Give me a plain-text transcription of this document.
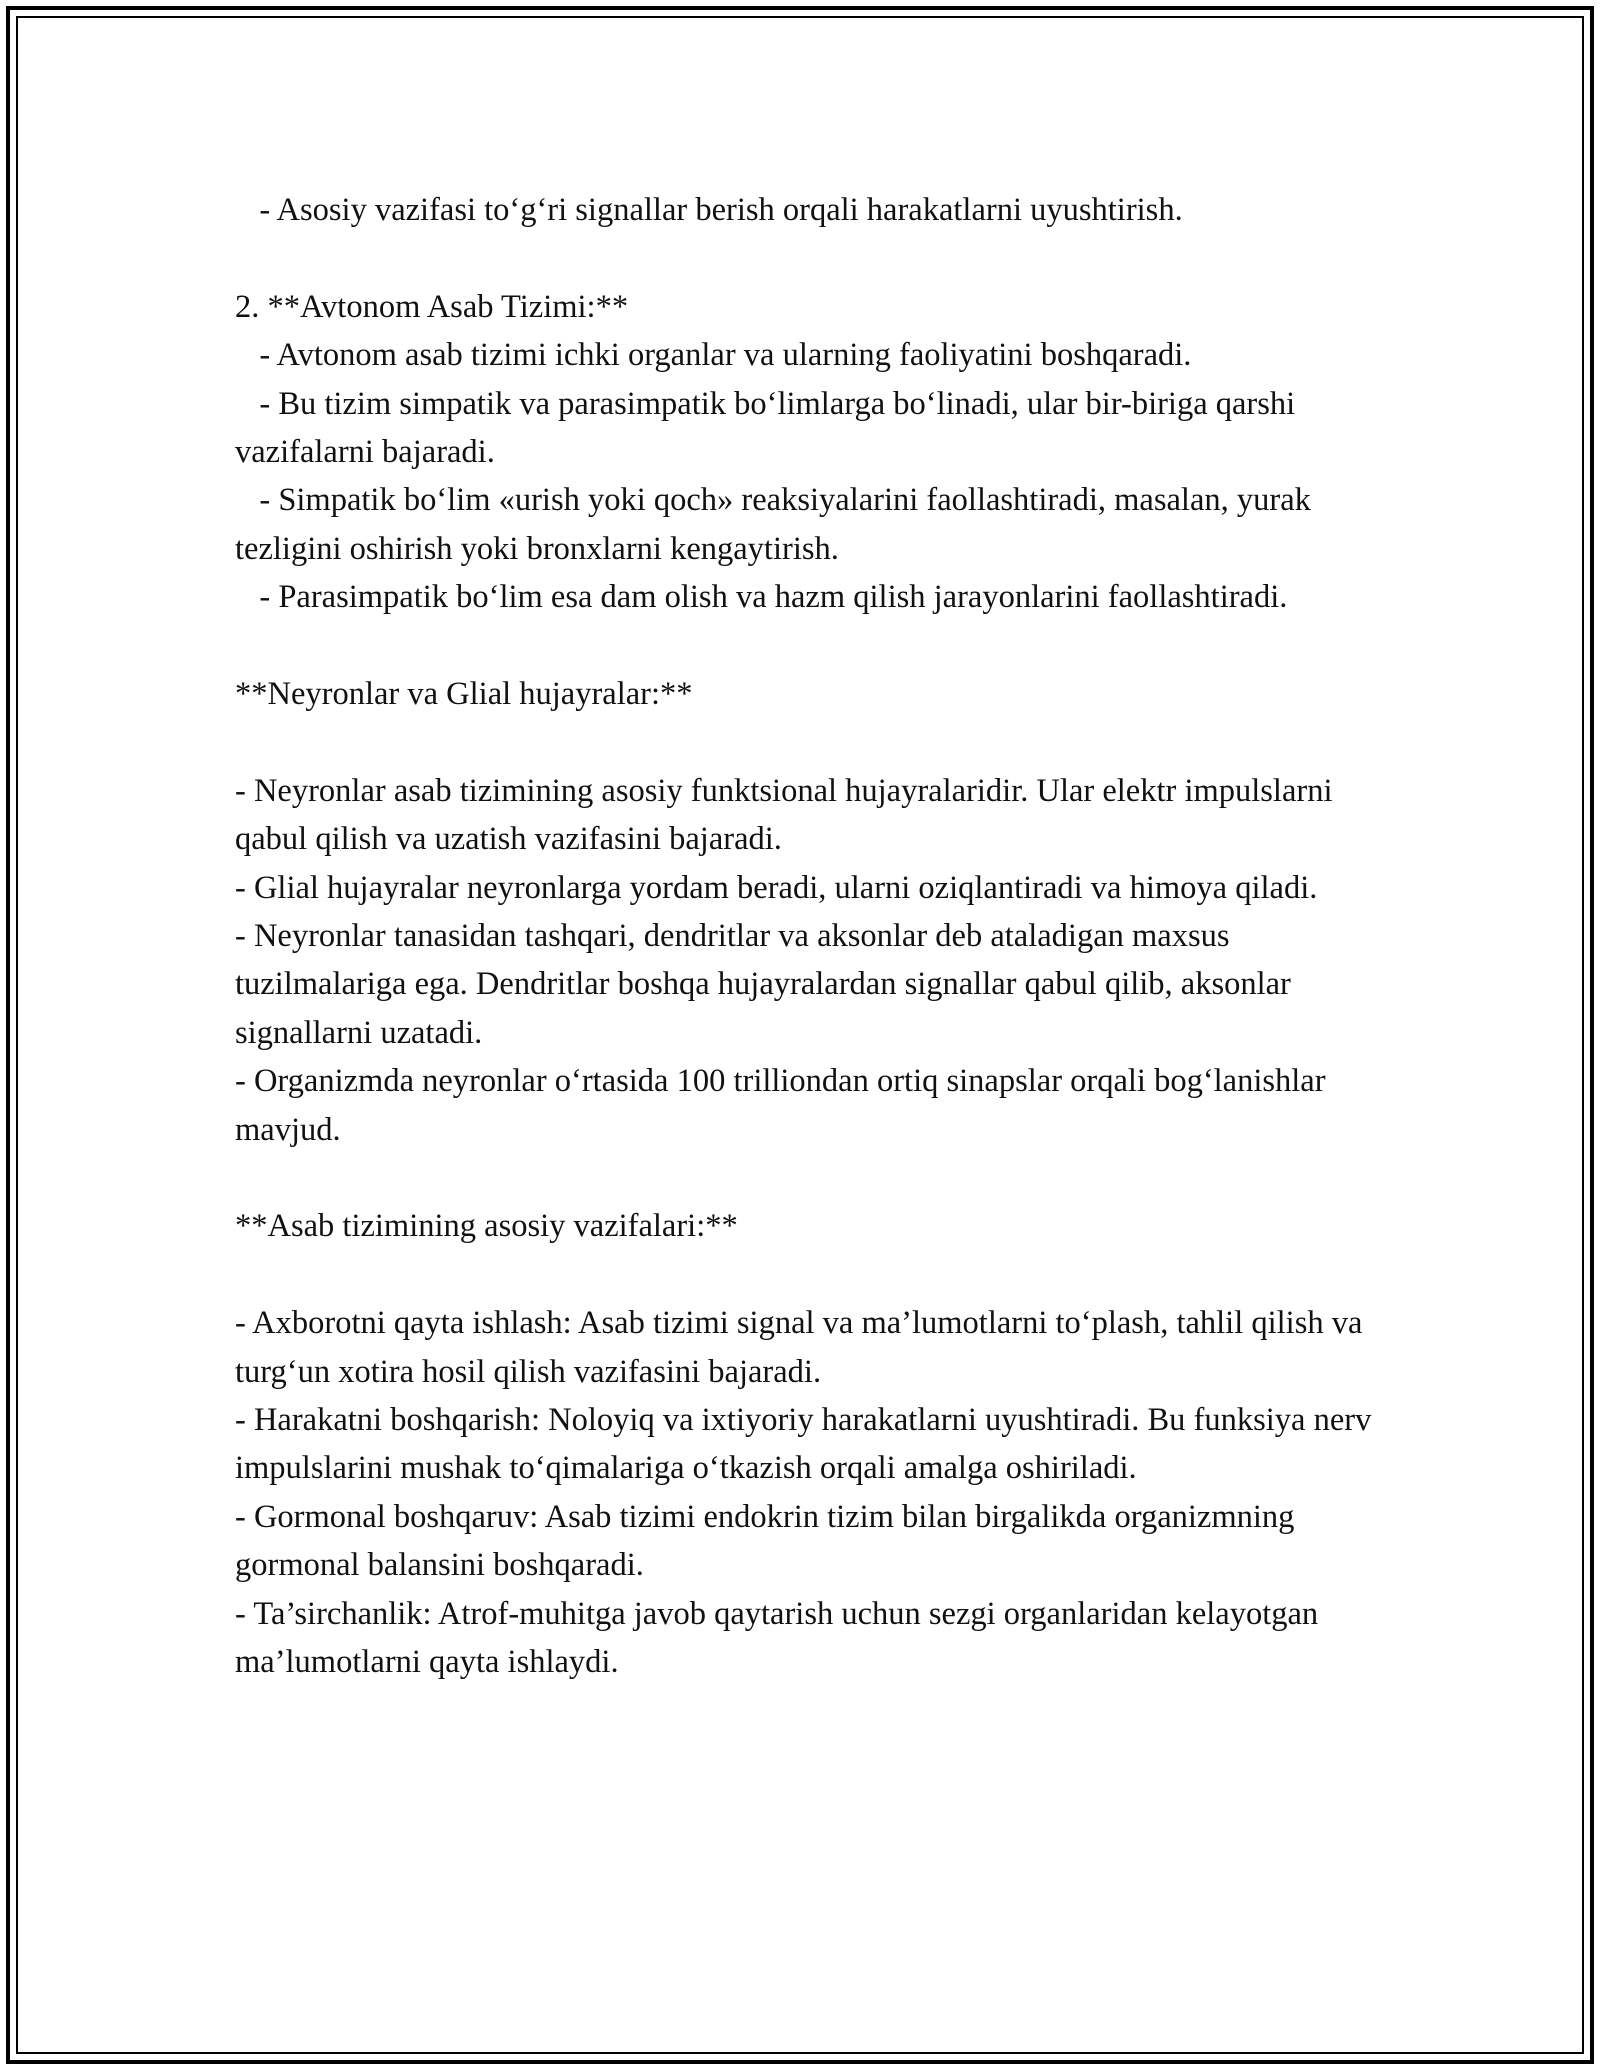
- Asosiy vazifasi to‘g‘ri signallar berish orqali harakatlarni uyushtirish.

2. **Avtonom Asab Tizimi:**

- Avtonom asab tizimi ichki organlar va ularning faoliyatini boshqaradi.

- Bu tizim simpatik va parasimpatik bo‘limlarga bo‘linadi, ular bir-biriga qarshi vazifalarni bajaradi.

- Simpatik bo‘lim «urish yoki qoch» reaksiyalarini faollashtiradi, masalan, yurak tezligini oshirish yoki bronxlarni kengaytirish.

- Parasimpatik bo‘lim esa dam olish va hazm qilish jarayonlarini faollashtiradi.

**Neyronlar va Glial hujayralar:**

- Neyronlar asab tizimining asosiy funktsional hujayralaridir. Ular elektr impulslarni qabul qilish va uzatish vazifasini bajaradi.

- Glial hujayralar neyronlarga yordam beradi, ularni oziqlantiradi va himoya qiladi.

- Neyronlar tanasidan tashqari, dendritlar va aksonlar deb ataladigan maxsus tuzilmalariga ega. Dendritlar boshqa hujayralardan signallar qabul qilib, aksonlar signallarni uzatadi.

- Organizmda neyronlar o‘rtasida 100 trilliondan ortiq sinapslar orqali bog‘lanishlar mavjud.

**Asab tizimining asosiy vazifalari:**

- Axborotni qayta ishlash: Asab tizimi signal va ma’lumotlarni to‘plash, tahlil qilish va turg‘un xotira hosil qilish vazifasini bajaradi.

- Harakatni boshqarish: Noloyiq va ixtiyoriy harakatlarni uyushtiradi. Bu funksiya nerv impulslarini mushak to‘qimalariga o‘tkazish orqali amalga oshiriladi.

- Gormonal boshqaruv: Asab tizimi endokrin tizim bilan birgalikda organizmning gormonal balansini boshqaradi.

- Ta’sirchanlik: Atrof-muhitga javob qaytarish uchun sezgi organlaridan kelayotgan ma’lumotlarni qayta ishlaydi.
